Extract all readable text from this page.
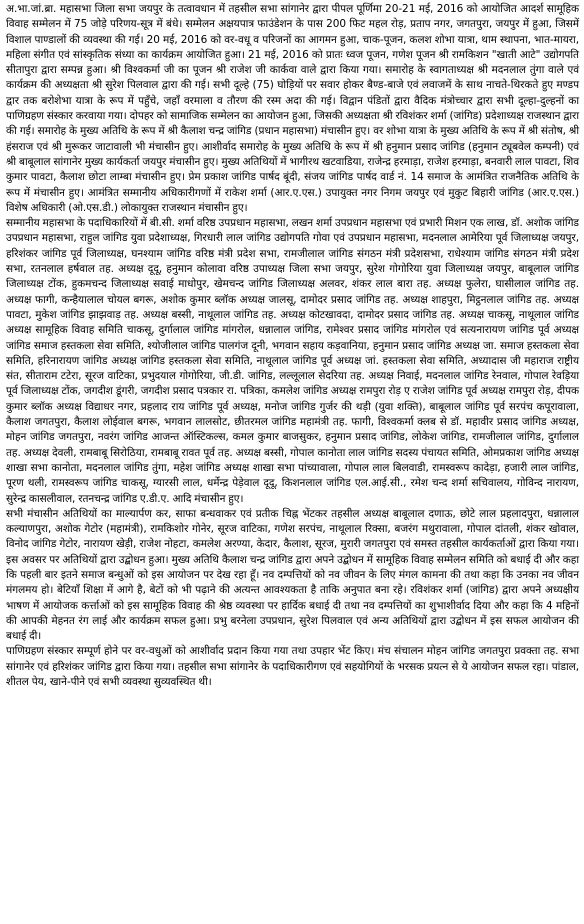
अ.भा.जां.ब्रा. महासभा जिला सभा जयपुर के तत्वावधान में तहसील सभा सांगानेर द्वारा पीपल पूर्णिमा 20-21 मई, 2016 को आयोजित आदर्श सामूहिक विवाह सम्मेलन में 75 जोड़े परिणय-सूत्र में बंधे। सम्मेलन अक्षयपात्र फाउंडेशन के पास 200 फिट महल रोड़, प्रताप नगर, जगतपुरा, जयपुर में हुआ, जिसमें विशाल पाण्डालों की व्यवस्था की गई। 20 मई, 2016 को वर-वधू व परिजनों का आगमन हुआ, चाक-पूजन, कलश शोभा यात्रा, थाम स्थापना, भात-मायरा, महिला संगीत एवं सांस्कृतिक संध्या का कार्यक्रम आयोजित हुआ। 21 मई, 2016 को प्रातः ध्वज पूजन, गणेश पूजन श्री रामकिशन "खाती आटे" उद्योगपति सीतापुरा द्वारा सम्पन्न हुआ। श्री विश्वकर्मा जी का पूजन श्री राजेश जी कार्कवा वाले द्वारा किया गया। समारोह के स्वागताध्यक्ष श्री मदनलाल तुंगा वाले एवं कार्यक्रम की अध्यक्षता श्री सुरेश पिलवाल द्वारा की गई। सभी दूल्हे (75) घोड़ियों पर सवार होकर बैण्ड-बाजे एवं लवाजमें के साथ नाचते-थिरकते हुए मण्डप द्वार तक बरोशेभा यात्रा के रूप में पहुँचे, जहाँ वरमाला व तौरण की रस्म अदा की गई। विद्वान पंडितों द्वारा वैदिक मंत्रोच्चार द्वारा सभी दूल्हा-दुल्हनों का पाणिग्रहण संस्कार करवाया गया। दोपहर को सामाजिक सम्मेलन का आयोजन हुआ, जिसकी अध्यक्षता श्री रविशंकर शर्मा (जांगिड) प्रदेशाध्यक्ष राजस्थान द्वारा की गई। समारोह के मुख्य अतिथि के रूप में श्री कैलाश चन्द्र जांगिड (प्रधान महासभा) मंचासीन हुए। वर शोभा यात्रा के मुख्य अतिथि के रूप में श्री संतोष, श्री हंसराज एवं श्री मुरूकर जाटावाली भी मंचासीन हुए। आशीर्वाद समारोह के मुख्य अतिथि के रूप में श्री हनुमान प्रसाद जांगिड (हनुमान ट्यूबवेल कम्पनी) एवं श्री बाबूलाल सांगानेर मुख्य कार्यकर्ता जयपुर मंचासीन हुए। मुख्य अतिथियों में भागीरथ खटवाडिया, राजेन्द्र हरमाड़ा, राजेश हरमाड़ा, बनवारी लाल पावटा, शिव कुमार पावटा, कैलाश छोटा लाम्बा मंचासीन हुए। प्रेम प्रकाश जांगिड पार्षद बूंदी, संजय जांगिड पार्षद वार्ड नं. 14 समाज के आमंत्रित राजनैतिक अतिथि के रूप में मंचासीन हुए। आमंत्रित सम्मानीय अधिकारीगणों में राकेश शर्मा (आर.ए.एस.) उपायुक्त नगर निगम जयपुर एवं मुकुट बिहारी जांगिड (आर.ए.एस.) विशेष अधिकारी (ओ.एस.डी.) लोकायुक्त राजस्थान मंचासीन हुए।

सम्मानीय महासभा के पदाधिकारियों में बी.सी. शर्मा वरिष्ठ उपप्रधान महासभा, लखन शर्मा उपप्रधान महासभा एवं प्रभारी मिशन एक लाख, डॉ. अशोक जांगिड उपप्रधान महासभा, राहुल जांगिड युवा प्रदेशाध्यक्ष, गिरधारी लाल जांगिड उद्योगपति गोवा एवं उपप्रधान महासभा, मदनलाल आमेरिया पूर्व जिलाध्यक्ष जयपुर, हरिशंकर जांगिड पूर्व जिलाध्यक्ष, घनश्याम जांगिड वरिष्ठ मंत्री प्रदेश सभा, रामजीलाल जांगिड संगठन मंत्री प्रदेशसभा, राधेश्याम जांगिड संगठन मंत्री प्रदेश सभा, रतनलाल हर्षवाल तह. अध्यक्ष दूदू, हनुमान कोलावा वरिष्ठ उपाध्यक्ष जिला सभा जयपुर, सुरेश गोगोरिया युवा जिलाध्यक्ष जयपुर, बाबूलाल जांगिड जिलाध्यक्ष टोंक, हुकमचन्द जिलाध्यक्ष सवाई माधोपुर, खेमचन्द जांगिड जिलाध्यक्ष अलवर, शंकर लाल बारा तह. अध्यक्ष फुलेरा, घासीलाल जांगिड तह. अध्यक्ष फागी, कन्हैयालाल चोयल बगरू, अशोक कुमार ब्लॉक अध्यक्ष जालसू, दामोदर प्रसाद जांगिड तह. अध्यक्ष शाहपुरा, मिट्ठनलाल जांगिड तह. अध्यक्ष पावटा, मुकेश जांगिड झाझवाड़ तह. अध्यक्ष बस्सी, नाथूलाल जांगिड तह. अध्यक्ष कोटखावदा, दामोदर प्रसाद जांगिड तह. अध्यक्ष चाकसू, नाथूलाल जांगिड अध्यक्ष सामूहिक विवाह समिति चाकसू, दुर्गालाल जांगिड मांगरोल, धन्नालाल जांगिड, रामेश्वर प्रसाद जांगिड मांगरोल एवं सत्यनारायण जांगिड पूर्व अध्यक्ष जांगिड समाज हस्तकला सेवा समिति, श्योजीलाल जांगिड पालगंज दूनी, भगवान सहाय कड़वानिया, हनुमान प्रसाद जांगिड अध्यक्ष जा. समाज हस्तकला सेवा समिति, हरिनारायण जांगिड अध्यक्ष जांगिड हस्तकला सेवा समिति, नाथूलाल जांगिड पूर्व अध्यक्ष जां. हस्तकला सेवा समिति, अध्यादास जी महाराज राष्ट्रीय संत, सीताराम टटेरा, सूरज वाटिका, प्रभुदयाल गोगोरिया, जी.डी. जांगिड, लल्लूलाल सेदरिया तह. अध्यक्ष निवाई, मदनलाल जांगिड रेनवाल, गोपाल रेवड़िया पूर्व जिलाध्यक्ष टोंक, जगदीश डूंगरी, जगदीश प्रसाद पत्रकार रा. पत्रिका, कमलेश जांगिड अध्यक्ष रामपुरा रोड़ ए राजेश जांगिड पूर्व अध्यक्ष रामपुरा रोड़, दीपक कुमार ब्लॉक अध्यक्ष विद्याधर नगर, प्रहलाद राय जांगिड पूर्व अध्यक्ष, मनोज जांगिड गुर्जर की थड़ी (युवा शक्ति), बाबूलाल जांगिड पूर्व सरपंच कपूरावाला, कैलाश जगतपुरा, कैलाश लोईवाल बगरू, भगवान लालसोट, छीतरमल जांगिड महामंत्री तह. फागी, विश्वकर्मा क्लब से डॉ. महावीर प्रसाद जांगिड अध्यक्ष, मोहन जांगिड जगतपुरा, नवरंग जांगिड आजन्त ऑस्टिकल्स, कमल कुमार बाजसुकर, हनुमान प्रसाद जांगिड, लोकेश जांगिड, रामजीलाल जांगिड, दुर्गालाल तह. अध्यक्ष देवली, रामबाबू सिरोठिया, रामबाबू रावत पूर्व तह. अध्यक्ष बस्सी, गोपाल कानोता लाल जांगिड सदस्य पंचायत समिति, ओमप्रकाश जांगिड अध्यक्ष शाखा सभा कानोता, मदनलाल जांगिड तुंगा, महेश जांगिड अध्यक्ष शाखा सभा पांच्यावाला, गोपाल लाल बिलवाडी, रामस्वरूप कादेड़ा, हजारी लाल जांगिड, पूरण थली, रामस्वरूप जांगिड चाकसू, ग्यारसी लाल, धर्मेन्द्र पेड़ेवाल दूदू, किशनलाल जांगिड एल.आई.सी., रमेश चन्द शर्मा सचिवालय, गोविन्द नारायण, सुरेन्द्र कासलीवाल, रतनचन्द्र जांगिड ए.डी.ए. आदि मंचासीन हुए।

सभी मंचासीन अतिथियों का माल्यार्पण कर, साफा बन्धवाकर एवं प्रतीक चिह्न भेंटकर तहसील अध्यक्ष बाबूलाल दणाऊ, छोटे लाल प्रहलादपुरा, धन्नालाल कल्याणपुरा, अशोक गेटोर (महामंत्री), रामकिशोर गोनेर, सूरज वाटिका, गणेश सरपंच, नाथूलाल रिक्सा, बजरंग मथुरावाला, गोपाल दांतली, शंकर खोवाल, विनोद जांगिड गेटोर, नारायण खेड़ी, राजेश नोहटा, कमलेश अरण्या, केदार, कैलाश, सूरज, मुरारी जगतपुरा एवं समस्त तहसील कार्यकर्ताओं द्वारा किया गया। इस अवसर पर अतिथियों द्वारा उद्बोधन हुआ। मुख्य अतिथि कैलाश चन्द्र जांगिड द्वारा अपने उद्बोधन में सामूहिक विवाह सम्मेलन समिति को बधाई दी और कहा कि पहली बार इतने समाज बन्धुओं को इस आयोजन पर देख रहा हूँ। नव दम्पत्तियों को नव जीवन के लिए मंगल कामना की तथा कहा कि उनका नव जीवन मंगलमय हो। बेटियाँ शिक्षा में आगे है, बेटों को भी पढ़ाने की अत्यन्त आवश्यकता है ताकि अनुपात बना रहे। रविशंकर शर्मा (जांगिड) द्वारा अपने अध्यक्षीय भाषण में आयोजक कर्त्ताओं को इस सामूहिक विवाह की श्रेष्ठ व्यवस्था पर हार्दिक बधाई दी तथा नव दम्पत्तियों का शुभाशीर्वाद दिया और कहा कि 4 महिनों की आपकी मेहनत रंग लाई और कार्यक्रम सफल हुआ। प्रभु बरनेला उपप्रधान, सुरेश पिलवाल एवं अन्य अतिथियों द्वारा उद्बोधन में इस सफल आयोजन की बधाई दी।

पाणिग्रहण संस्कार सम्पूर्ण होने पर वर-वधुओं को आशीर्वाद प्रदान किया गया तथा उपहार भेंट किए। मंच संचालन मोहन जांगिड जगतपुरा प्रवक्ता तह. सभा सांगानेर एवं हरिशंकर जांगिड द्वारा किया गया। तहसील सभा सांगानेर के पदाधिकारीगण एवं सहयोगियों के भरसक प्रयत्न से ये आयोजन सफल रहा। पांडाल, शीतल पेय, खाने-पीने एवं सभी व्यवस्था सुव्यवस्थित थी।
